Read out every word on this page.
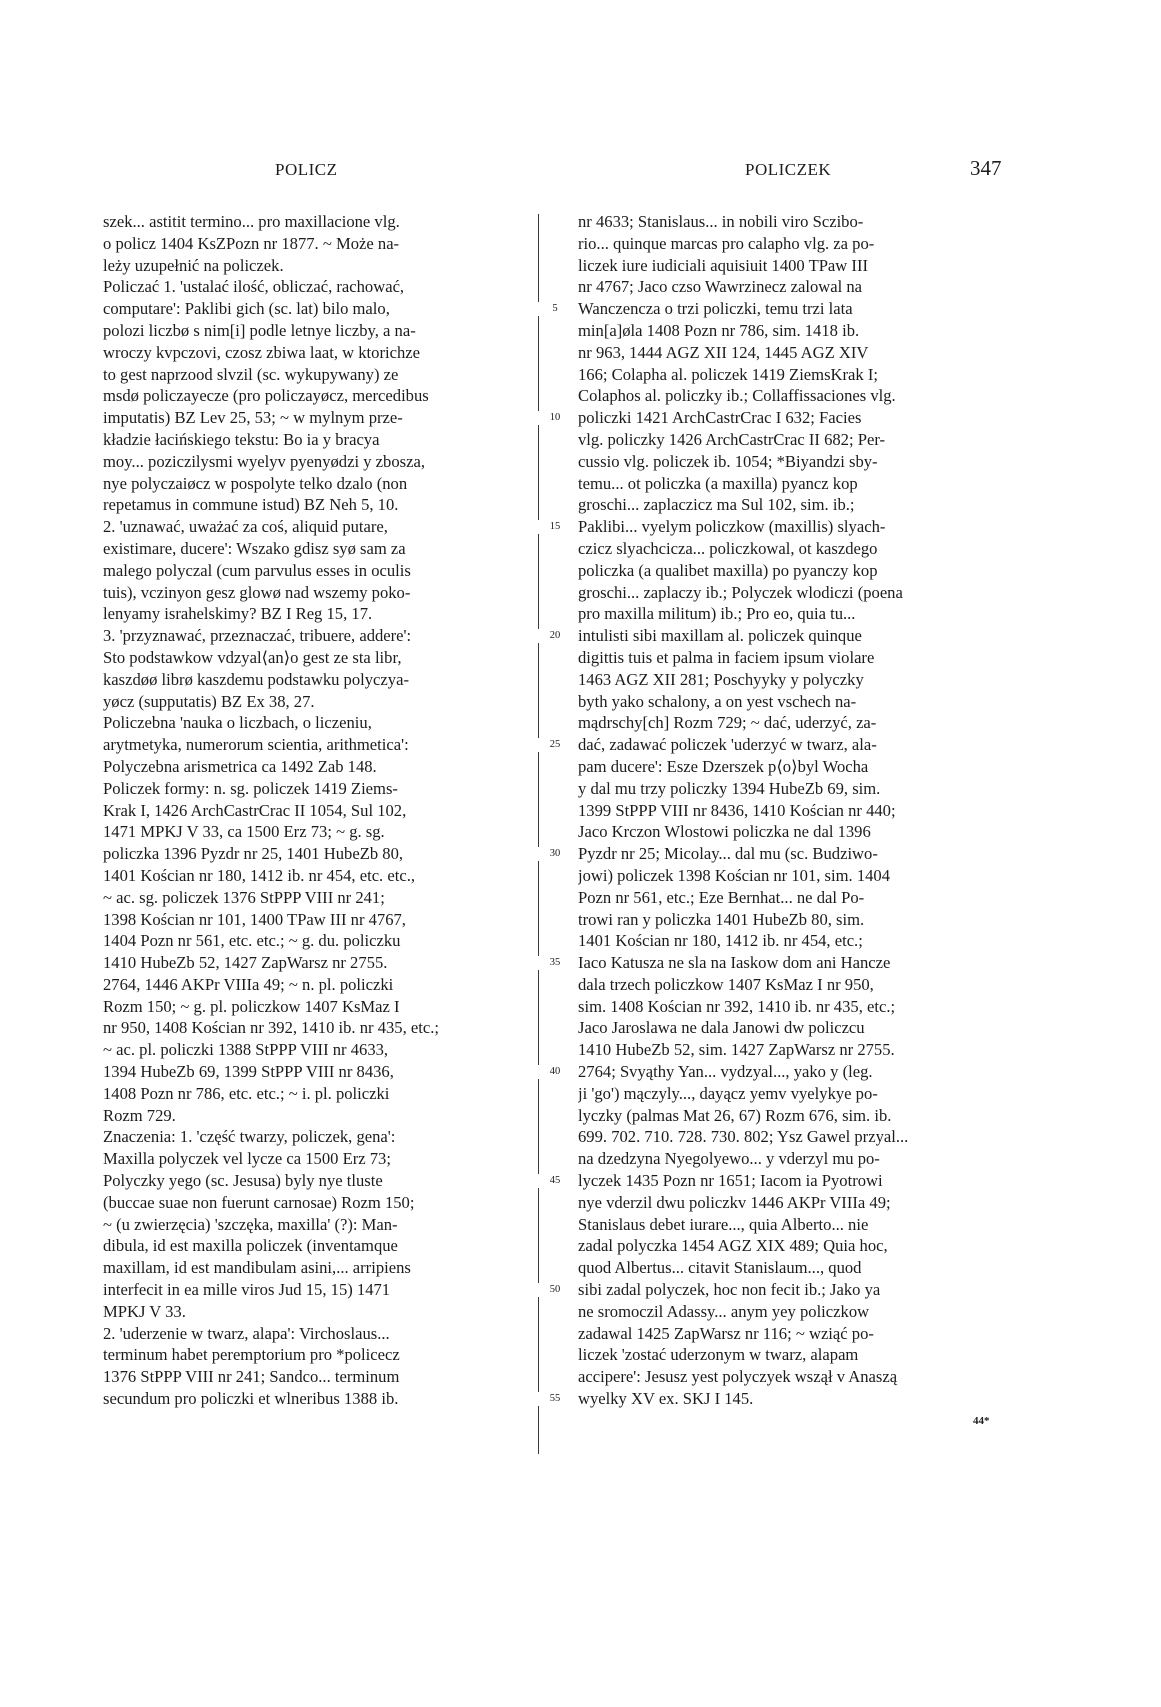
POLICZ	POLICZEK	347
szek... astitit termino... pro maxillacione vlg.
o policz 1404 KsZPozn nr 1877. ~ Może na-
leży uzupełnić na policzek.
Policzać 1. 'ustalać ilość, obliczać, rachować,
computare': Paklibi gich (sc. lat) bilo malo,
polozi liczbø s nim[i] podle letnye liczby, a na-
wroczy kvpczovi, czosz zbiwa laat, w ktorichze
to gest naprzood slvzil (sc. wykupywany) ze
msdø policzayecze (pro policzayøcz, mercedibus
imputatis) BZ Lev 25, 53; ~ w mylnym prze-
kładzie łacińskiego tekstu: Bo ia y bracya
moy... poziczilysmi wyelyv pyenyødzi y zbosza,
nye polyczaiøcz w pospolyte telko dzalo (non
repetamus in commune istud) BZ Neh 5, 10.
2. 'uznawać, uważać za coś, aliquid putare,
existimare, ducere': Wszako gdisz syø sam za
malego polyczal (cum parvulus esses in oculis
tuis), vczinyon gesz glowø nad wszemy poko-
lenyamy israhelskimy? BZ I Reg 15, 17.
3. 'przyznawać, przeznaczać, tribuere, addere':
Sto podstawkow vdzyal⟨an⟩o gest ze sta libr,
kaszdøø librø kaszdemu podstawku polyczya-
yøcz (supputatis) BZ Ex 38, 27.
Policzebna 'nauka o liczbach, o liczeniu,
arytmetyka, numerorum scientia, arithmetica':
Polyczebna arismetrica ca 1492 Zab 148.
Policzek formy: n. sg. policzek 1419 Ziems-
Krak I, 1426 ArchCastrCrac II 1054, Sul 102,
1471 MPKJ V 33, ca 1500 Erz 73; ~ g. sg.
policzka 1396 Pyzdr nr 25, 1401 HubeZb 80,
1401 Kościan nr 180, 1412 ib. nr 454, etc. etc.,
~ ac. sg. policzek 1376 StPPP VIII nr 241;
1398 Kościan nr 101, 1400 TPaw III nr 4767,
1404 Pozn nr 561, etc. etc.; ~ g. du. policzku
1410 HubeZb 52, 1427 ZapWarsz nr 2755.
2764, 1446 AKPr VIIIa 49; ~ n. pl. policzki
Rozm 150; ~ g. pl. policzkow 1407 KsMaz I
nr 950, 1408 Kościan nr 392, 1410 ib. nr 435, etc.;
~ ac. pl. policzki 1388 StPPP VIII nr 4633,
1394 HubeZb 69, 1399 StPPP VIII nr 8436,
1408 Pozn nr 786, etc. etc.; ~ i. pl. policzki
Rozm 729.
Znaczenia: 1. 'część twarzy, policzek, gena':
Maxilla polyczek vel lycze ca 1500 Erz 73;
Polyczky yego (sc. Jesusa) byly nye tluste
(buccae suae non fuerunt carnosae) Rozm 150;
~ (u zwierzęcia) 'szczęka, maxilla' (?): Man-
dibula, id est maxilla policzek (inventamque
maxillam, id est mandibulam asini,... arripiens
interfecit in ea mille viros Jud 15, 15) 1471
MPKJ V 33.
2. 'uderzenie w twarz, alapa': Virchoslaus...
terminum habet peremptorium pro *policecz
1376 StPPP VIII nr 241; Sandco... terminum
secundum pro policzki et wlneribus 1388 ib.
5
10
15
20
25
30
35
40
45
50
55
nr 4633; Stanislaus... in nobili viro Sczibo-
rio... quinque marcas pro calapho vlg. za po-
liczek iure iudiciali aquisiuit 1400 TPaw III
nr 4767; Jaco czso Wawrzinecz zalowal na
Wanczencza o trzi policzki, temu trzi lata
min[a]øla 1408 Pozn nr 786, sim. 1418 ib.
nr 963, 1444 AGZ XII 124, 1445 AGZ XIV
166; Colapha al. policzek 1419 ZiemsKrak I;
Colaphos al. policzky ib.; Collaffissaciones vlg.
policzki 1421 ArchCastrCrac I 632; Facies
vlg. policzky 1426 ArchCastrCrac II 682; Per-
cussio vlg. policzek ib. 1054; *Biyandzi sby-
temu... ot policzka (a maxilla) pyancz kop
groschi... zaplaczicz ma Sul 102, sim. ib.;
Paklibi... vyelym policzkow (maxillis) slyach-
czicz slyachcicza... policzkowal, ot kaszdego
policzka (a qualibet maxilla) po pyanczy kop
groschi... zaplaczy ib.; Polyczek wlodiczi (poena
pro maxilla militum) ib.; Pro eo, quia tu...
intulisti sibi maxillam al. policzek quinque
digittis tuis et palma in faciem ipsum violare
1463 AGZ XII 281; Poschyyky y polyczky
byth yako schalony, a on yest vschech na-
mądrschy[ch] Rozm 729; ~ dać, uderzyć, za-
dać, zadawać policzek 'uderzyć w twarz, ala-
pam ducere': Esze Dzerszek p⟨o⟩byl Wocha
y dal mu trzy policzky 1394 HubeZb 69, sim.
1399 StPPP VIII nr 8436, 1410 Kościan nr 440;
Jaco Krczon Wlostowi policzka ne dal 1396
Pyzdr nr 25; Micolay... dal mu (sc. Budziwo-
jowi) policzek 1398 Kościan nr 101, sim. 1404
Pozn nr 561, etc.; Eze Bernhat... ne dal Po-
trowi ran y policzka 1401 HubeZb 80, sim.
1401 Kościan nr 180, 1412 ib. nr 454, etc.;
Iaco Katusza ne sla na Iaskow dom ani Hancze
dala trzech policzkow 1407 KsMaz I nr 950,
sim. 1408 Kościan nr 392, 1410 ib. nr 435, etc.;
Jaco Jaroslawa ne dala Janowi dw policzcu
1410 HubeZb 52, sim. 1427 ZapWarsz nr 2755.
2764; Svyąthy Yan... vydzyal..., yako y (leg.
ji 'go') mączyly..., dayącz yemv vyelykye po-
lyczky (palmas Mat 26, 67) Rozm 676, sim. ib.
699. 702. 710. 728. 730. 802; Ysz Gawel przyal...
na dzedzyna Nyegolyewo... y vderzyl mu po-
lyczek 1435 Pozn nr 1651; Iacom ia Pyotrowi
nye vderzil dwu policzkv 1446 AKPr VIIIa 49;
Stanislaus debet iurare..., quia Alberto... nie
zadal polyczka 1454 AGZ XIX 489; Quia hoc,
quod Albertus... citavit Stanislaum..., quod
sibi zadal polyczek, hoc non fecit ib.; Jako ya
ne sromoczil Adassy... anym yey policzkow
zadawal 1425 ZapWarsz nr 116; ~ wziąć po-
liczek 'zostać uderzonym w twarz, alapam
accipere': Jesusz yest polyczyek wszął v Anaszą
wyelky XV ex. SKJ I 145.
44*
